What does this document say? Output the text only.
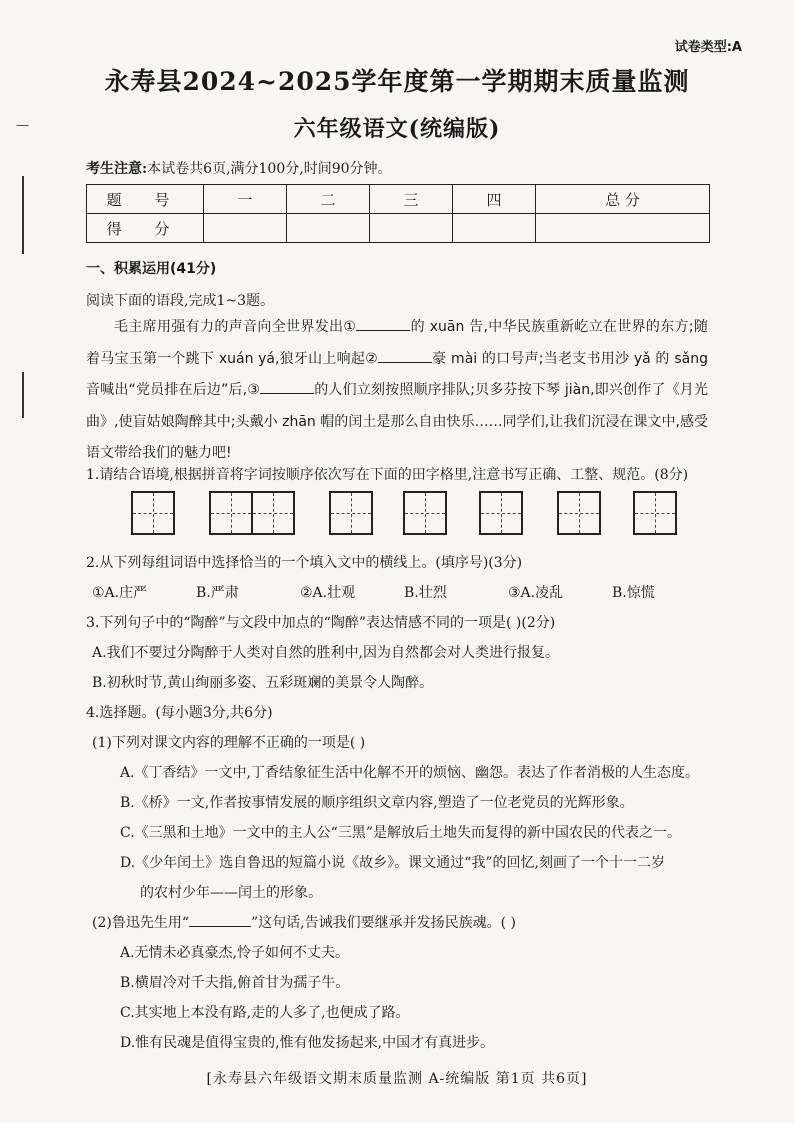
—
试卷类型:A
永寿县2024~2025学年度第一学期期末质量监测
六年级语文(统编版)
考生注意:本试卷共6页,满分100分,时间90分钟。
题 号	一	二	三	四	总 分
得 分					
一、积累运用(41分)
阅读下面的语段,完成1~3题。
毛主席用强有力的声音向全世界发出①	的 xuān 告,中华民族重新屹立在世界的东方;随着马宝玉第一个跳下 xuán yá,狼牙山上响起②	豪 mài 的口号声;当老支书用沙 yǎ 的 sǎng 音喊出“党员排在后边”后,③	的人们立刻按照顺序排队;贝多芬按下琴 jiàn,即兴创作了《月光曲》,使盲姑娘陶醉其中;头戴小 zhān 帽的闰土是那么自由快乐……同学们,让我们沉浸在课文中,感受语文带给我们的魅力吧!
1.请结合语境,根据拼音将字词按顺序依次写在下面的田字格里,注意书写正确、工整、规范。(8分)
2.从下列每组词语中选择恰当的一个填入文中的横线上。(填序号)(3分)
①A.庄严	B.严肃	②A.壮观	B.壮烈	③A.凌乱	B.惊慌
3.下列句子中的“陶醉”与文段中加点的“陶醉”表达情感不同的一项是( )(2分)
A.我们不要过分陶醉于人类对自然的胜利中,因为自然都会对人类进行报复。
B.初秋时节,黄山绚丽多姿、五彩斑斓的美景令人陶醉。
4.选择题。(每小题3分,共6分)
(1)下列对课文内容的理解不正确的一项是( )
A.《丁香结》一文中,丁香结象征生活中化解不开的烦恼、幽怨。表达了作者消极的人生态度。
B.《桥》一文,作者按事情发展的顺序组织文章内容,塑造了一位老党员的光辉形象。
C.《三黑和土地》一文中的主人公“三黑”是解放后土地失而复得的新中国农民的代表之一。
D.《少年闰土》选自鲁迅的短篇小说《故乡》。课文通过“我”的回忆,刻画了一个十一二岁
的农村少年——闰土的形象。
(2)鲁迅先生用“	”这句话,告诫我们要继承并发扬民族魂。( )
A.无情未必真豪杰,怜子如何不丈夫。
B.横眉冷对千夫指,俯首甘为孺子牛。
C.其实地上本没有路,走的人多了,也便成了路。
D.惟有民魂是值得宝贵的,惟有他发扬起来,中国才有真进步。
[永寿县六年级语文期末质量监测 A-统编版 第1页 共6页]
